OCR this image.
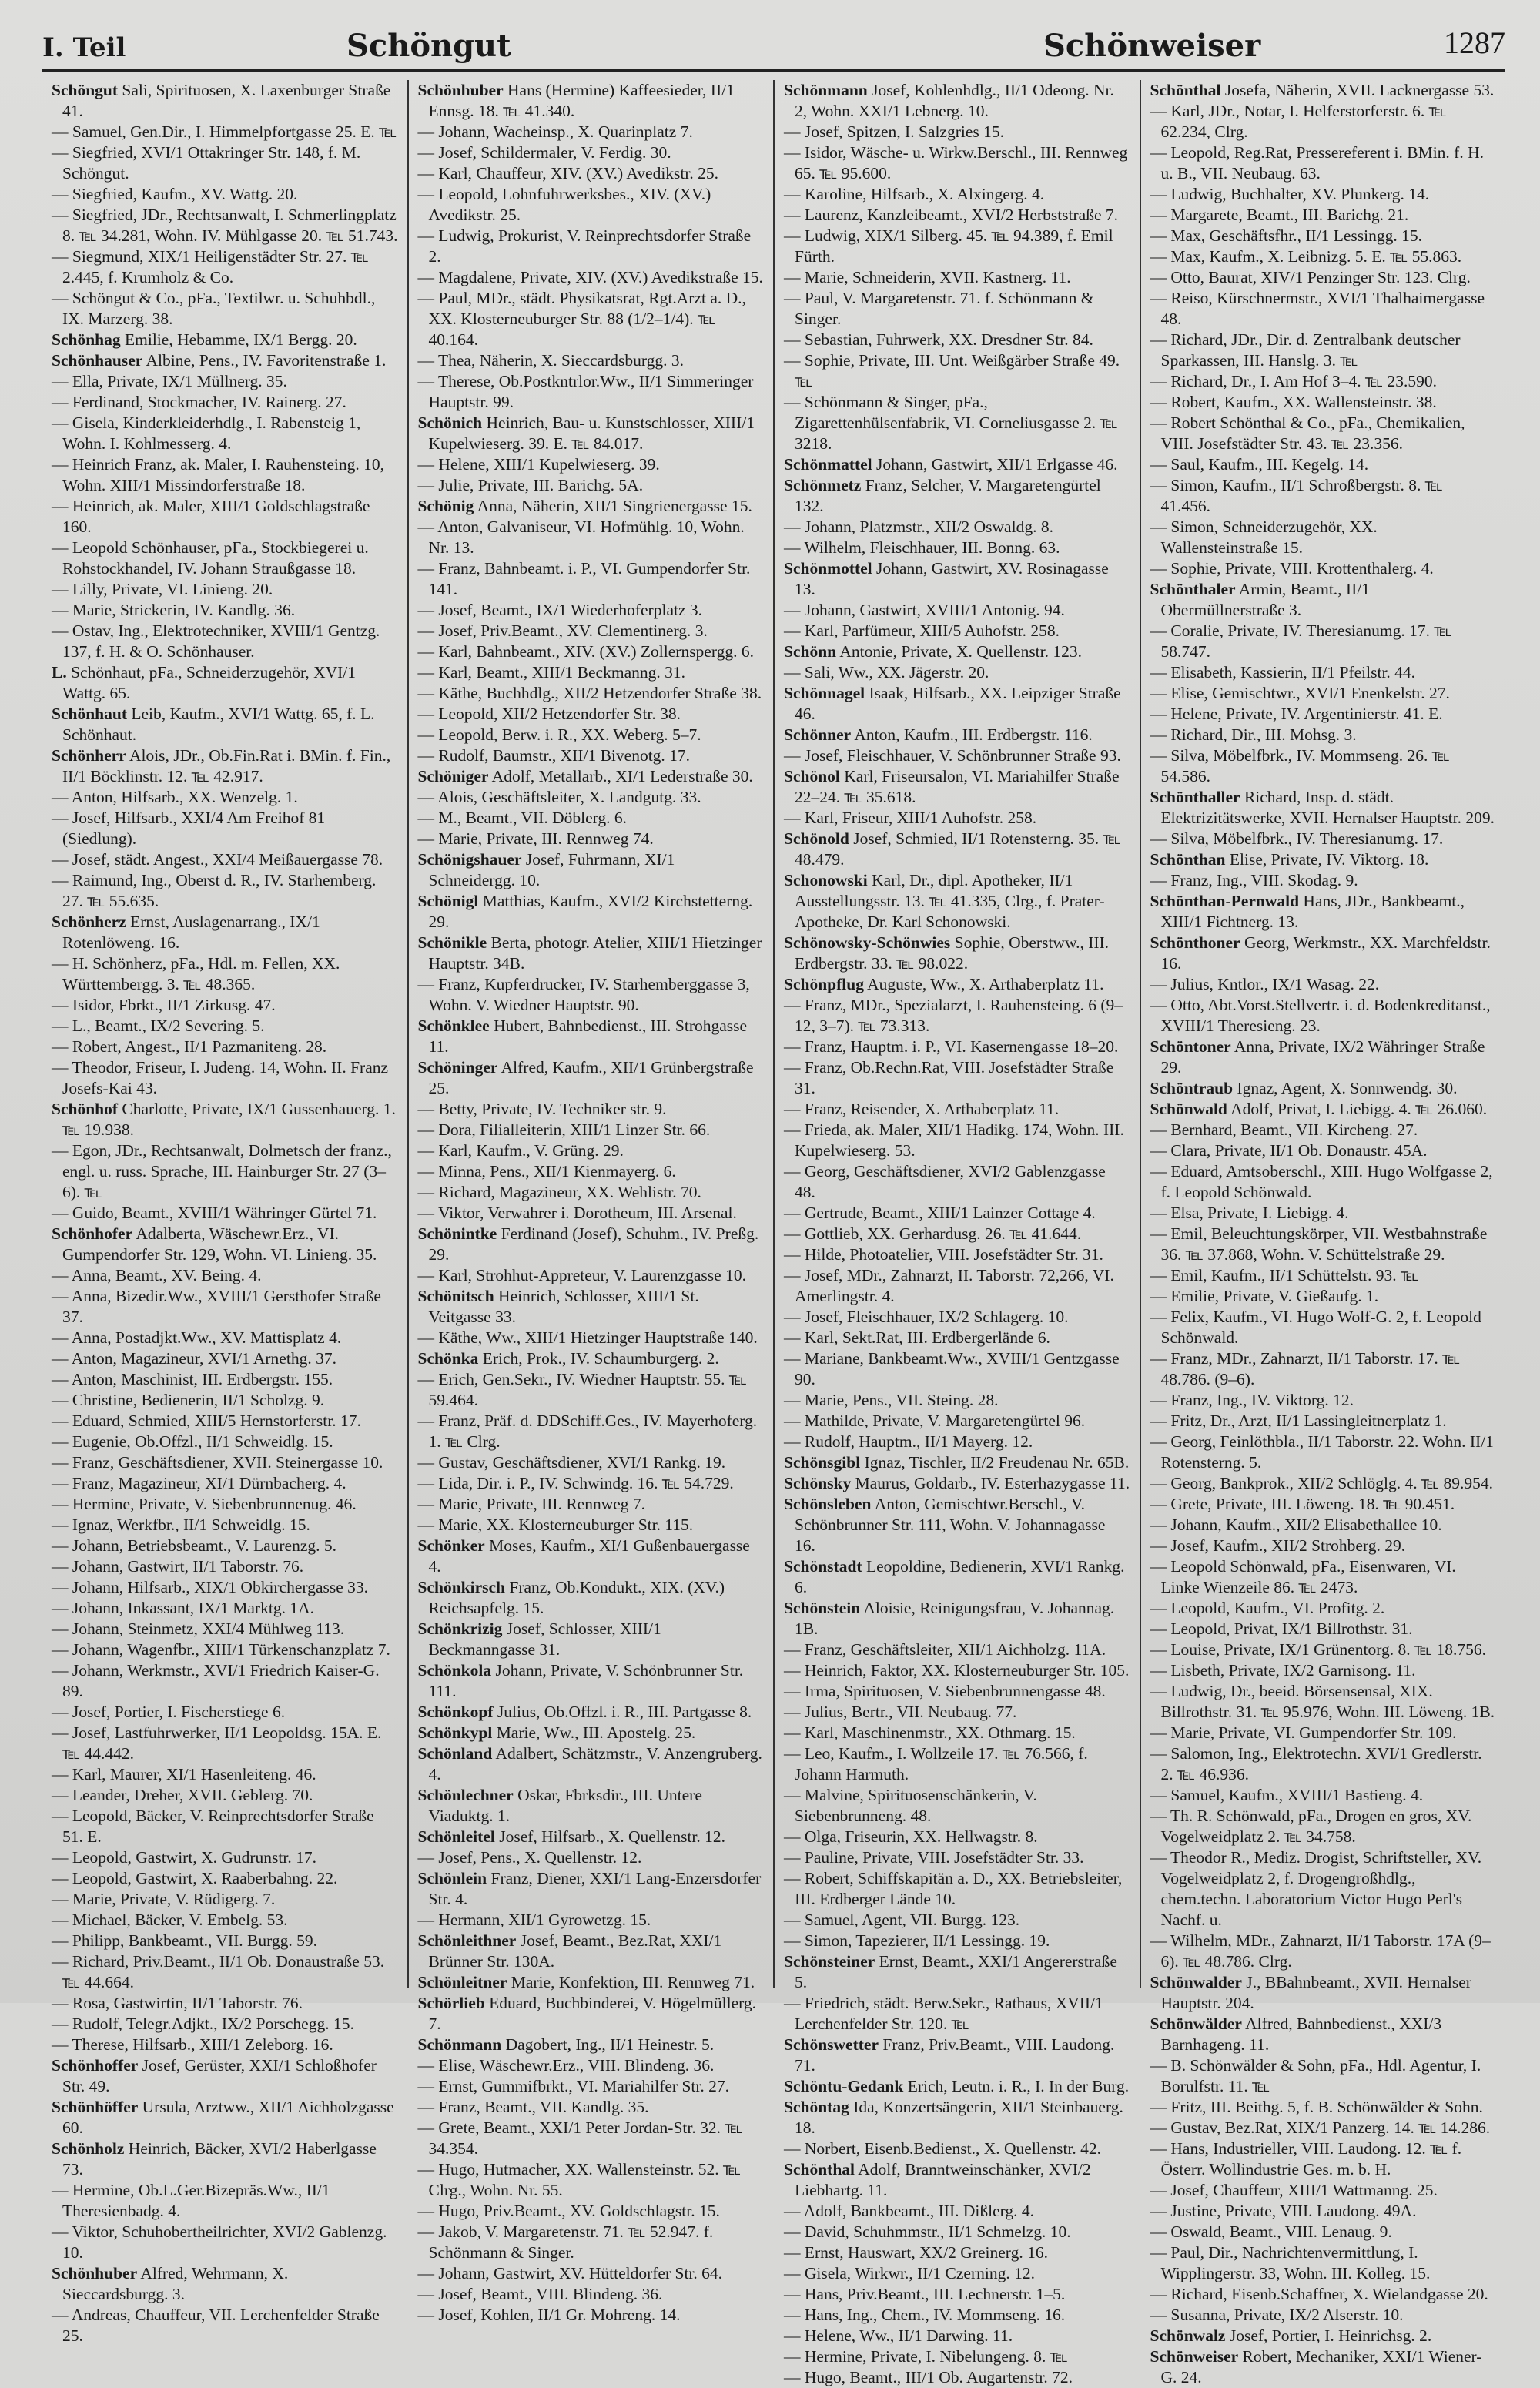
I. Teil	Schöngut	Schönweiser	1287
Schöngut Sali, Spirituosen, X. Laxenburger Straße 41.
— Samuel, Gen.Dir., I. Himmelpfortgasse 25. E. ℡
— Siegfried, XVI/1 Ottakringer Str. 148, f. M. Schöngut.
— Siegfried, Kaufm., XV. Wattg. 20.
— Siegfried, JDr., Rechtsanwalt, I. Schmerlingplatz 8. ℡ 34.281, Wohn. IV. Mühlgasse 20. ℡ 51.743.
— Siegmund, XIX/1 Heiligenstädter Str. 27. ℡ 2.445, f. Krumholz & Co.
— Schöngut & Co., pFa., Textilwr. u. Schuhbdl., IX. Marzerg. 38.
Schönhag Emilie, Hebamme, IX/1 Bergg. 20.
Schönhauser Albine, Pens., IV. Favoritenstraße 1.
— Ella, Private, IX/1 Müllnerg. 35.
— Ferdinand, Stockmacher, IV. Rainerg. 27.
— Gisela, Kinderkleiderhdlg., I. Rabensteig 1, Wohn. I. Kohlmesserg. 4.
— Heinrich Franz, ak. Maler, I. Rauhensteing. 10, Wohn. XIII/1 Missindorferstraße 18.
— Heinrich, ak. Maler, XIII/1 Goldschlagstraße 160.
— Leopold Schönhauser, pFa., Stockbiegerei u. Rohstockhandel, IV. Johann Straußgasse 18.
— Lilly, Private, VI. Linieng. 20.
— Marie, Strickerin, IV. Kandlg. 36.
— Ostav, Ing., Elektrotechniker, XVIII/1 Gentzg. 137, f. H. & O. Schönhauser.
L. Schönhaut, pFa., Schneiderzugehör, XVI/1 Wattg. 65.
Schönhaut Leib, Kaufm., XVI/1 Wattg. 65, f. L. Schönhaut.
Schönherr Alois, JDr., Ob.Fin.Rat i. BMin. f. Fin., II/1 Böcklinstr. 12. ℡ 42.917.
— Anton, Hilfsarb., XX. Wenzelg. 1.
— Josef, Hilfsarb., XXI/4 Am Freihof 81 (Siedlung).
— Josef, städt. Angest., XXI/4 Meißauergasse 78.
— Raimund, Ing., Oberst d. R., IV. Starhemberg. 27. ℡ 55.635.
Schönherz Ernst, Auslagenarrang., IX/1 Rotenlöweng. 16.
— H. Schönherz, pFa., Hdl. m. Fellen, XX. Württembergg. 3. ℡ 48.365.
— Isidor, Fbrkt., II/1 Zirkusg. 47.
— L., Beamt., IX/2 Severing. 5.
— Robert, Angest., II/1 Pazmaniteng. 28.
— Theodor, Friseur, I. Judeng. 14, Wohn. II. Franz Josefs-Kai 43.
Schönhof Charlotte, Private, IX/1 Gussenhauerg. 1. ℡ 19.938.
— Egon, JDr., Rechtsanwalt, Dolmetsch der franz., engl. u. russ. Sprache, III. Hainburger Str. 27 (3–6). ℡
— Guido, Beamt., XVIII/1 Währinger Gürtel 71.
Schönhofer Adalberta, Wäschewr.Erz., VI. Gumpendorfer Str. 129, Wohn. VI. Linieng. 35.
— Anna, Beamt., XV. Being. 4.
— Anna, Bizedir.Ww., XVIII/1 Gersthofer Straße 37.
— Anna, Postadjkt.Ww., XV. Mattisplatz 4.
— Anton, Magazineur, XVI/1 Arnethg. 37.
— Anton, Maschinist, III. Erdbergstr. 155.
— Christine, Bedienerin, II/1 Scholzg. 9.
— Eduard, Schmied, XIII/5 Hernstorferstr. 17.
— Eugenie, Ob.Offzl., II/1 Schweidlg. 15.
— Franz, Geschäftsdiener, XVII. Steinergasse 10.
— Franz, Magazineur, XI/1 Dürnbacherg. 4.
— Hermine, Private, V. Siebenbrunnenug. 46.
— Ignaz, Werkfbr., II/1 Schweidlg. 15.
— Johann, Betriebsbeamt., V. Laurenzg. 5.
— Johann, Gastwirt, II/1 Taborstr. 76.
— Johann, Hilfsarb., XIX/1 Obkirchergasse 33.
— Johann, Inkassant, IX/1 Marktg. 1A.
— Johann, Steinmetz, XXI/4 Mühlweg 113.
— Johann, Wagenfbr., XIII/1 Türkenschanzplatz 7.
— Johann, Werkmstr., XVI/1 Friedrich Kaiser-G. 89.
— Josef, Portier, I. Fischerstiege 6.
— Josef, Lastfuhrwerker, II/1 Leopoldsg. 15A. E. ℡ 44.442.
— Karl, Maurer, XI/1 Hasenleiteng. 46.
— Leander, Dreher, XVII. Geblerg. 70.
— Leopold, Bäcker, V. Reinprechtsdorfer Straße 51. E.
— Leopold, Gastwirt, X. Gudrunstr. 17.
— Leopold, Gastwirt, X. Raaberbahng. 22.
— Marie, Private, V. Rüdigerg. 7.
— Michael, Bäcker, V. Embelg. 53.
— Philipp, Bankbeamt., VII. Burgg. 59.
— Richard, Priv.Beamt., II/1 Ob. Donaustraße 53. ℡ 44.664.
— Rosa, Gastwirtin, II/1 Taborstr. 76.
— Rudolf, Telegr.Adjkt., IX/2 Porschegg. 15.
— Therese, Hilfsarb., XIII/1 Zeleborg. 16.
Schönhoffer Josef, Gerüster, XXI/1 Schloßhofer Str. 49.
Schönhöffer Ursula, Arztww., XII/1 Aichholzgasse 60.
Schönholz Heinrich, Bäcker, XVI/2 Haberlgasse 73.
— Hermine, Ob.L.Ger.Bizepräs.Ww., II/1 Theresienbadg. 4.
— Viktor, Schuhobertheilrichter, XVI/2 Gablenzg. 10.
Schönhuber Alfred, Wehrmann, X. Sieccardsburgg. 3.
— Andreas, Chauffeur, VII. Lerchenfelder Straße 25.
Schönhuber Hans (Hermine) Kaffeesieder, II/1 Ennsg. 18. ℡ 41.340.
— Johann, Wacheinsp., X. Quarinplatz 7.
— Josef, Schildermaler, V. Ferdig. 30.
— Karl, Chauffeur, XIV. (XV.) Avedikstr. 25.
— Leopold, Lohnfuhrwerksbes., XIV. (XV.) Avedikstr. 25.
— Ludwig, Prokurist, V. Reinprechtsdorfer Straße 2.
— Magdalene, Private, XIV. (XV.) Avedikstraße 15.
— Paul, MDr., städt. Physikatsrat, Rgt.Arzt a. D., XX. Klosterneuburger Str. 88 (1/2–1/4). ℡ 40.164.
— Thea, Näherin, X. Sieccardsburgg. 3.
— Therese, Ob.Postkntrlor.Ww., II/1 Simmeringer Hauptstr. 99.
Schönich Heinrich, Bau- u. Kunstschlosser, XIII/1 Kupelwieserg. 39. E. ℡ 84.017.
— Helene, XIII/1 Kupelwieserg. 39.
— Julie, Private, III. Barichg. 5A.
Schönig Anna, Näherin, XII/1 Singrienergasse 15.
— Anton, Galvaniseur, VI. Hofmühlg. 10, Wohn. Nr. 13.
— Franz, Bahnbeamt. i. P., VI. Gumpendorfer Str. 141.
— Josef, Beamt., IX/1 Wiederhoferplatz 3.
— Josef, Priv.Beamt., XV. Clementinerg. 3.
— Karl, Bahnbeamt., XIV. (XV.) Zollernspergg. 6.
— Karl, Beamt., XIII/1 Beckmanng. 31.
— Käthe, Buchhdlg., XII/2 Hetzendorfer Straße 38.
— Leopold, XII/2 Hetzendorfer Str. 38.
— Leopold, Berw. i. R., XX. Weberg. 5–7.
— Rudolf, Baumstr., XII/1 Bivenotg. 17.
Schöniger Adolf, Metallarb., XI/1 Lederstraße 30.
— Alois, Geschäftsleiter, X. Landgutg. 33.
— M., Beamt., VII. Döblerg. 6.
— Marie, Private, III. Rennweg 74.
Schönigshauer Josef, Fuhrmann, XI/1 Schneidergg. 10.
Schönigl Matthias, Kaufm., XVI/2 Kirchstetterng. 29.
Schönikle Berta, photogr. Atelier, XIII/1 Hietzinger Hauptstr. 34B.
— Franz, Kupferdrucker, IV. Starhemberggasse 3, Wohn. V. Wiedner Hauptstr. 90.
Schönklee Hubert, Bahnbedienst., III. Strohgasse 11.
Schöninger Alfred, Kaufm., XII/1 Grünbergstraße 25.
— Betty, Private, IV. Techniker str. 9.
— Dora, Filialleiterin, XIII/1 Linzer Str. 66.
— Karl, Kaufm., V. Grüng. 29.
— Minna, Pens., XII/1 Kienmayerg. 6.
— Richard, Magazineur, XX. Wehlistr. 70.
— Viktor, Verwahrer i. Dorotheum, III. Arsenal.
Schönintke Ferdinand (Josef), Schuhm., IV. Preßg. 29.
— Karl, Strohhut-Appreteur, V. Laurenzgasse 10.
Schönitsch Heinrich, Schlosser, XIII/1 St. Veitgasse 33.
— Käthe, Ww., XIII/1 Hietzinger Hauptstraße 140.
Schönka Erich, Prok., IV. Schaumburgerg. 2.
— Erich, Gen.Sekr., IV. Wiedner Hauptstr. 55. ℡ 59.464.
— Franz, Präf. d. DDSchiff.Ges., IV. Mayerhoferg. 1. ℡ Clrg.
— Gustav, Geschäftsdiener, XVI/1 Rankg. 19.
— Lida, Dir. i. P., IV. Schwindg. 16. ℡ 54.729.
— Marie, Private, III. Rennweg 7.
— Marie, XX. Klosterneuburger Str. 115.
Schönker Moses, Kaufm., XI/1 Gußenbauergasse 4.
Schönkirsch Franz, Ob.Kondukt., XIX. (XV.) Reichsapfelg. 15.
Schönkrizig Josef, Schlosser, XIII/1 Beckmanngasse 31.
Schönkola Johann, Private, V. Schönbrunner Str. 111.
Schönkopf Julius, Ob.Offzl. i. R., III. Partgasse 8.
Schönkypl Marie, Ww., III. Apostelg. 25.
Schönland Adalbert, Schätzmstr., V. Anzengruberg. 4.
Schönlechner Oskar, Fbrksdir., III. Untere Viaduktg. 1.
Schönleitel Josef, Hilfsarb., X. Quellenstr. 12.
— Josef, Pens., X. Quellenstr. 12.
Schönlein Franz, Diener, XXI/1 Lang-Enzersdorfer Str. 4.
— Hermann, XII/1 Gyrowetzg. 15.
Schönleithner Josef, Beamt., Bez.Rat, XXI/1 Brünner Str. 130A.
Schönleitner Marie, Konfektion, III. Rennweg 71.
Schörlieb Eduard, Buchbinderei, V. Högelmüllerg. 7.
Schönmann Dagobert, Ing., II/1 Heinestr. 5.
— Elise, Wäschewr.Erz., VIII. Blindeng. 36.
— Ernst, Gummifbrkt., VI. Mariahilfer Str. 27.
— Franz, Beamt., VII. Kandlg. 35.
— Grete, Beamt., XXI/1 Peter Jordan-Str. 32. ℡ 34.354.
— Hugo, Hutmacher, XX. Wallensteinstr. 52. ℡ Clrg., Wohn. Nr. 55.
— Hugo, Priv.Beamt., XV. Goldschlagstr. 15.
— Jakob, V. Margaretenstr. 71. ℡ 52.947. f. Schönmann & Singer.
— Johann, Gastwirt, XV. Hütteldorfer Str. 64.
— Josef, Beamt., VIII. Blindeng. 36.
— Josef, Kohlen, II/1 Gr. Mohreng. 14.
Schönmann Josef, Kohlenhdlg., II/1 Odeong. Nr. 2, Wohn. XXI/1 Lebnerg. 10.
— Josef, Spitzen, I. Salzgries 15.
— Isidor, Wäsche- u. Wirkw.Berschl., III. Rennweg 65. ℡ 95.600.
— Karoline, Hilfsarb., X. Alxingerg. 4.
— Laurenz, Kanzleibeamt., XVI/2 Herbststraße 7.
— Ludwig, XIX/1 Silberg. 45. ℡ 94.389, f. Emil Fürth.
— Marie, Schneiderin, XVII. Kastnerg. 11.
— Paul, V. Margaretenstr. 71. f. Schönmann & Singer.
— Sebastian, Fuhrwerk, XX. Dresdner Str. 84.
— Sophie, Private, III. Unt. Weißgärber Straße 49. ℡
— Schönmann & Singer, pFa., Zigarettenhülsenfabrik, VI. Corneliusgasse 2. ℡ 3218.
Schönmattel Johann, Gastwirt, XII/1 Erlgasse 46.
Schönmetz Franz, Selcher, V. Margaretengürtel 132.
— Johann, Platzmstr., XII/2 Oswaldg. 8.
— Wilhelm, Fleischhauer, III. Bonng. 63.
Schönmottel Johann, Gastwirt, XV. Rosinagasse 13.
— Johann, Gastwirt, XVIII/1 Antonig. 94.
— Karl, Parfümeur, XIII/5 Auhofstr. 258.
Schönn Antonie, Private, X. Quellenstr. 123.
— Sali, Ww., XX. Jägerstr. 20.
Schönnagel Isaak, Hilfsarb., XX. Leipziger Straße 46.
Schönner Anton, Kaufm., III. Erdbergstr. 116.
— Josef, Fleischhauer, V. Schönbrunner Straße 93.
Schönol Karl, Friseursalon, VI. Mariahilfer Straße 22–24. ℡ 35.618.
— Karl, Friseur, XIII/1 Auhofstr. 258.
Schönold Josef, Schmied, II/1 Rotensterng. 35. ℡ 48.479.
Schonowski Karl, Dr., dipl. Apotheker, II/1 Ausstellungsstr. 13. ℡ 41.335, Clrg., f. Prater-Apotheke, Dr. Karl Schonowski.
Schönowsky-Schönwies Sophie, Oberstww., III. Erdbergstr. 33. ℡ 98.022.
Schönpflug Auguste, Ww., X. Arthaberplatz 11.
— Franz, MDr., Spezialarzt, I. Rauhensteing. 6 (9–12, 3–7). ℡ 73.313.
— Franz, Hauptm. i. P., VI. Kasernengasse 18–20.
— Franz, Ob.Rechn.Rat, VIII. Josefstädter Straße 31.
— Franz, Reisender, X. Arthaberplatz 11.
— Frieda, ak. Maler, XII/1 Hadikg. 174, Wohn. III. Kupelwieserg. 53.
— Georg, Geschäftsdiener, XVI/2 Gablenzgasse 48.
— Gertrude, Beamt., XIII/1 Lainzer Cottage 4.
— Gottlieb, XX. Gerhardusg. 26. ℡ 41.644.
— Hilde, Photoatelier, VIII. Josefstädter Str. 31.
— Josef, MDr., Zahnarzt, II. Taborstr. 72,266, VI. Amerlingstr. 4.
— Josef, Fleischhauer, IX/2 Schlagerg. 10.
— Karl, Sekt.Rat, III. Erdbergerlände 6.
— Mariane, Bankbeamt.Ww., XVIII/1 Gentzgasse 90.
— Marie, Pens., VII. Steing. 28.
— Mathilde, Private, V. Margaretengürtel 96.
— Rudolf, Hauptm., II/1 Mayerg. 12.
Schönsgibl Ignaz, Tischler, II/2 Freudenau Nr. 65B.
Schönsky Maurus, Goldarb., IV. Esterhazygasse 11.
Schönsleben Anton, Gemischtwr.Berschl., V. Schönbrunner Str. 111, Wohn. V. Johannagasse 16.
Schönstadt Leopoldine, Bedienerin, XVI/1 Rankg. 6.
Schönstein Aloisie, Reinigungsfrau, V. Johannag. 1B.
— Franz, Geschäftsleiter, XII/1 Aichholzg. 11A.
— Heinrich, Faktor, XX. Klosterneuburger Str. 105.
— Irma, Spirituosen, V. Siebenbrunnengasse 48.
— Julius, Bertr., VII. Neubaug. 77.
— Karl, Maschinenmstr., XX. Othmarg. 15.
— Leo, Kaufm., I. Wollzeile 17. ℡ 76.566, f. Johann Harmuth.
— Malvine, Spirituosenschänkerin, V. Siebenbrunneng. 48.
— Olga, Friseurin, XX. Hellwagstr. 8.
— Pauline, Private, VIII. Josefstädter Str. 33.
— Robert, Schiffskapitän a. D., XX. Betriebsleiter, III. Erdberger Lände 10.
— Samuel, Agent, VII. Burgg. 123.
— Simon, Tapezierer, II/1 Lessingg. 19.
Schönsteiner Ernst, Beamt., XXI/1 Angererstraße 5.
— Friedrich, städt. Berw.Sekr., Rathaus, XVII/1 Lerchenfelder Str. 120. ℡
Schönswetter Franz, Priv.Beamt., VIII. Laudong. 71.
Schöntu-Gedank Erich, Leutn. i. R., I. In der Burg.
Schöntag Ida, Konzertsängerin, XII/1 Steinbauerg. 18.
— Norbert, Eisenb.Bedienst., X. Quellenstr. 42.
Schönthal Adolf, Branntweinschänker, XVI/2 Liebhartg. 11.
— Adolf, Bankbeamt., III. Dißlerg. 4.
— David, Schuhmmstr., II/1 Schmelzg. 10.
— Ernst, Hauswart, XX/2 Greinerg. 16.
— Gisela, Wirkwr., II/1 Czerning. 12.
— Hans, Priv.Beamt., III. Lechnerstr. 1–5.
— Hans, Ing., Chem., IV. Mommseng. 16.
— Helene, Ww., II/1 Darwing. 11.
— Hermine, Private, I. Nibelungeng. 8. ℡
— Hugo, Beamt., III/1 Ob. Augartenstr. 72.
Schönthal Josefa, Näherin, XVII. Lacknergasse 53.
— Karl, JDr., Notar, I. Helferstorferstr. 6. ℡ 62.234, Clrg.
— Leopold, Reg.Rat, Pressereferent i. BMin. f. H. u. B., VII. Neubaug. 63.
— Ludwig, Buchhalter, XV. Plunkerg. 14.
— Margarete, Beamt., III. Barichg. 21.
— Max, Geschäftsfhr., II/1 Lessingg. 15.
— Max, Kaufm., X. Leibnizg. 5. E. ℡ 55.863.
— Otto, Baurat, XIV/1 Penzinger Str. 123. Clrg.
— Reiso, Kürschnermstr., XVI/1 Thalhaimergasse 48.
— Richard, JDr., Dir. d. Zentralbank deutscher Sparkassen, III. Hanslg. 3. ℡
— Richard, Dr., I. Am Hof 3–4. ℡ 23.590.
— Robert, Kaufm., XX. Wallensteinstr. 38.
— Robert Schönthal & Co., pFa., Chemikalien, VIII. Josefstädter Str. 43. ℡ 23.356.
— Saul, Kaufm., III. Kegelg. 14.
— Simon, Kaufm., II/1 Schroßbergstr. 8. ℡ 41.456.
— Simon, Schneiderzugehör, XX. Wallensteinstraße 15.
— Sophie, Private, VIII. Krottenthalerg. 4.
Schönthaler Armin, Beamt., II/1 Obermüllnerstraße 3.
— Coralie, Private, IV. Theresianumg. 17. ℡ 58.747.
— Elisabeth, Kassierin, II/1 Pfeilstr. 44.
— Elise, Gemischtwr., XVI/1 Enenkelstr. 27.
— Helene, Private, IV. Argentinierstr. 41. E.
— Richard, Dir., III. Mohsg. 3.
— Silva, Möbelfbrk., IV. Mommseng. 26. ℡ 54.586.
Schönthaller Richard, Insp. d. städt. Elektrizitätswerke, XVII. Hernalser Hauptstr. 209.
— Silva, Möbelfbrk., IV. Theresianumg. 17.
Schönthan Elise, Private, IV. Viktorg. 18.
— Franz, Ing., VIII. Skodag. 9.
Schönthan-Pernwald Hans, JDr., Bankbeamt., XIII/1 Fichtnerg. 13.
Schönthoner Georg, Werkmstr., XX. Marchfeldstr. 16.
— Julius, Kntlor., IX/1 Wasag. 22.
— Otto, Abt.Vorst.Stellvertr. i. d. Bodenkreditanst., XVIII/1 Theresieng. 23.
Schöntoner Anna, Private, IX/2 Währinger Straße 29.
Schöntraub Ignaz, Agent, X. Sonnwendg. 30.
Schönwald Adolf, Privat, I. Liebigg. 4. ℡ 26.060.
— Bernhard, Beamt., VII. Kircheng. 27.
— Clara, Private, II/1 Ob. Donaustr. 45A.
— Eduard, Amtsoberschl., XIII. Hugo Wolfgasse 2, f. Leopold Schönwald.
— Elsa, Private, I. Liebigg. 4.
— Emil, Beleuchtungskörper, VII. Westbahnstraße 36. ℡ 37.868, Wohn. V. Schüttelstraße 29.
— Emil, Kaufm., II/1 Schüttelstr. 93. ℡
— Emilie, Private, V. Gießaufg. 1.
— Felix, Kaufm., VI. Hugo Wolf-G. 2, f. Leopold Schönwald.
— Franz, MDr., Zahnarzt, II/1 Taborstr. 17. ℡ 48.786. (9–6).
— Franz, Ing., IV. Viktorg. 12.
— Fritz, Dr., Arzt, II/1 Lassingleitnerplatz 1.
— Georg, Feinlöthbla., II/1 Taborstr. 22. Wohn. II/1 Rotensterng. 5.
— Georg, Bankprok., XII/2 Schlöglg. 4. ℡ 89.954.
— Grete, Private, III. Löweng. 18. ℡ 90.451.
— Johann, Kaufm., XII/2 Elisabethallee 10.
— Josef, Kaufm., XII/2 Strohberg. 29.
— Leopold Schönwald, pFa., Eisenwaren, VI. Linke Wienzeile 86. ℡ 2473.
— Leopold, Kaufm., VI. Profitg. 2.
— Leopold, Privat, IX/1 Billrothstr. 31.
— Louise, Private, IX/1 Grünentorg. 8. ℡ 18.756.
— Lisbeth, Private, IX/2 Garnisong. 11.
— Ludwig, Dr., beeid. Börsensensal, XIX. Billrothstr. 31. ℡ 95.976, Wohn. III. Löweng. 1B.
— Marie, Private, VI. Gumpendorfer Str. 109.
— Salomon, Ing., Elektrotechn. XVI/1 Gredlerstr. 2. ℡ 46.936.
— Samuel, Kaufm., XVIII/1 Bastieng. 4.
— Th. R. Schönwald, pFa., Drogen en gros, XV. Vogelweidplatz 2. ℡ 34.758.
— Theodor R., Mediz. Drogist, Schriftsteller, XV. Vogelweidplatz 2, f. Drogengroßhdlg., chem.techn. Laboratorium Victor Hugo Perl's Nachf. u.
— Wilhelm, MDr., Zahnarzt, II/1 Taborstr. 17A (9–6). ℡ 48.786. Clrg.
Schönwalder J., BBahnbeamt., XVII. Hernalser Hauptstr. 204.
Schönwälder Alfred, Bahnbedienst., XXI/3 Barnhageng. 11.
— B. Schönwälder & Sohn, pFa., Hdl. Agentur, I. Borulfstr. 11. ℡
— Fritz, III. Beithg. 5, f. B. Schönwälder & Sohn.
— Gustav, Bez.Rat, XIX/1 Panzerg. 14. ℡ 14.286.
— Hans, Industrieller, VIII. Laudong. 12. ℡ f. Österr. Wollindustrie Ges. m. b. H.
— Josef, Chauffeur, XIII/1 Wattmanng. 25.
— Justine, Private, VIII. Laudong. 49A.
— Oswald, Beamt., VIII. Lenaug. 9.
— Paul, Dir., Nachrichtenvermittlung, I. Wipplingerstr. 33, Wohn. III. Kolleg. 15.
— Richard, Eisenb.Schaffner, X. Wielandgasse 20.
— Susanna, Private, IX/2 Alserstr. 10.
Schönwalz Josef, Portier, I. Heinrichsg. 2.
Schönweiser Robert, Mechaniker, XXI/1 Wiener-G. 24.
